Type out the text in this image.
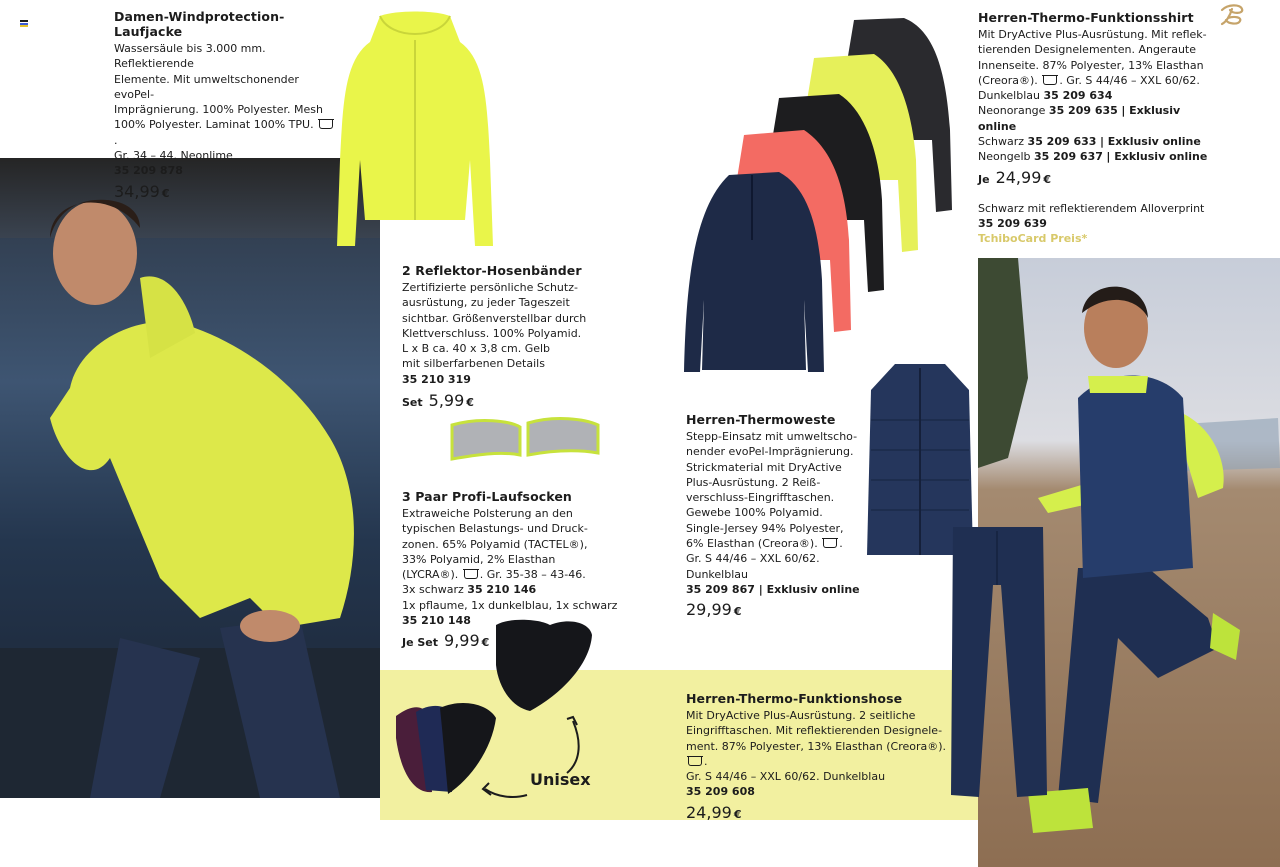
Unisex
Damen-Windprotection-Laufjacke
Wassersäule bis 3.000 mm. Reflektierende
Elemente. Mit umweltschonender evoPel-
Imprägnierung. 100% Polyester. Mesh
100% Polyester. Laminat 100% TPU. .
Gr. 34 – 44. Neonlime
35 209 878
34,99 €
2 Reflektor-Hosenbänder
Zertifizierte persönliche Schutz-
ausrüstung, zu jeder Tageszeit
sichtbar. Größenverstellbar durch
Klettverschluss. 100% Polyamid.
L x B ca. 40 x 3,8 cm. Gelb
mit silberfarbenen Details
35 210 319
Set 5,99 €
3 Paar Profi-Laufsocken
Extraweiche Polsterung an den
typischen Belastungs- und Druck-
zonen. 65% Polyamid (TACTEL®),
33% Polyamid, 2% Elasthan
(LYCRA®). . Gr. 35-38 – 43-46.
3x schwarz 35 210 146
1x pflaume, 1x dunkelblau, 1x schwarz
35 210 148
Je Set 9,99 €
Herren-Thermoweste
Stepp-Einsatz mit umweltscho-
nender evoPel-Imprägnierung.
Strickmaterial mit DryActive
Plus-Ausrüstung. 2 Reiß-
verschluss-Eingrifftaschen.
Gewebe 100% Polyamid.
Single-Jersey 94% Polyester,
6% Elasthan (Creora®). .
Gr. S 44/46 – XXL 60/62.
Dunkelblau
35 209 867 | Exklusiv online
29,99 €
Herren-Thermo-Funktionshose
Mit DryActive Plus-Ausrüstung. 2 seitliche
Eingrifftaschen. Mit reflektierenden Designele-
ment. 87% Polyester, 13% Elasthan (Creora®). .
Gr. S 44/46 – XXL 60/62. Dunkelblau
35 209 608
24,99 €
Herren-Thermo-Funktionsshirt
Mit DryActive Plus-Ausrüstung. Mit reflek-
tierenden Designelementen. Angeraute
Innenseite. 87% Polyester, 13% Elasthan
(Creora®). . Gr. S 44/46 – XXL 60/62.
Dunkelblau 35 209 634
Neonorange 35 209 635 | Exklusiv online
Schwarz 35 209 633 | Exklusiv online
Neongelb 35 209 637 | Exklusiv online
Je 24,99 €
Schwarz mit reflektierendem Alloverprint
35 209 639
TchiboCard Preis*
